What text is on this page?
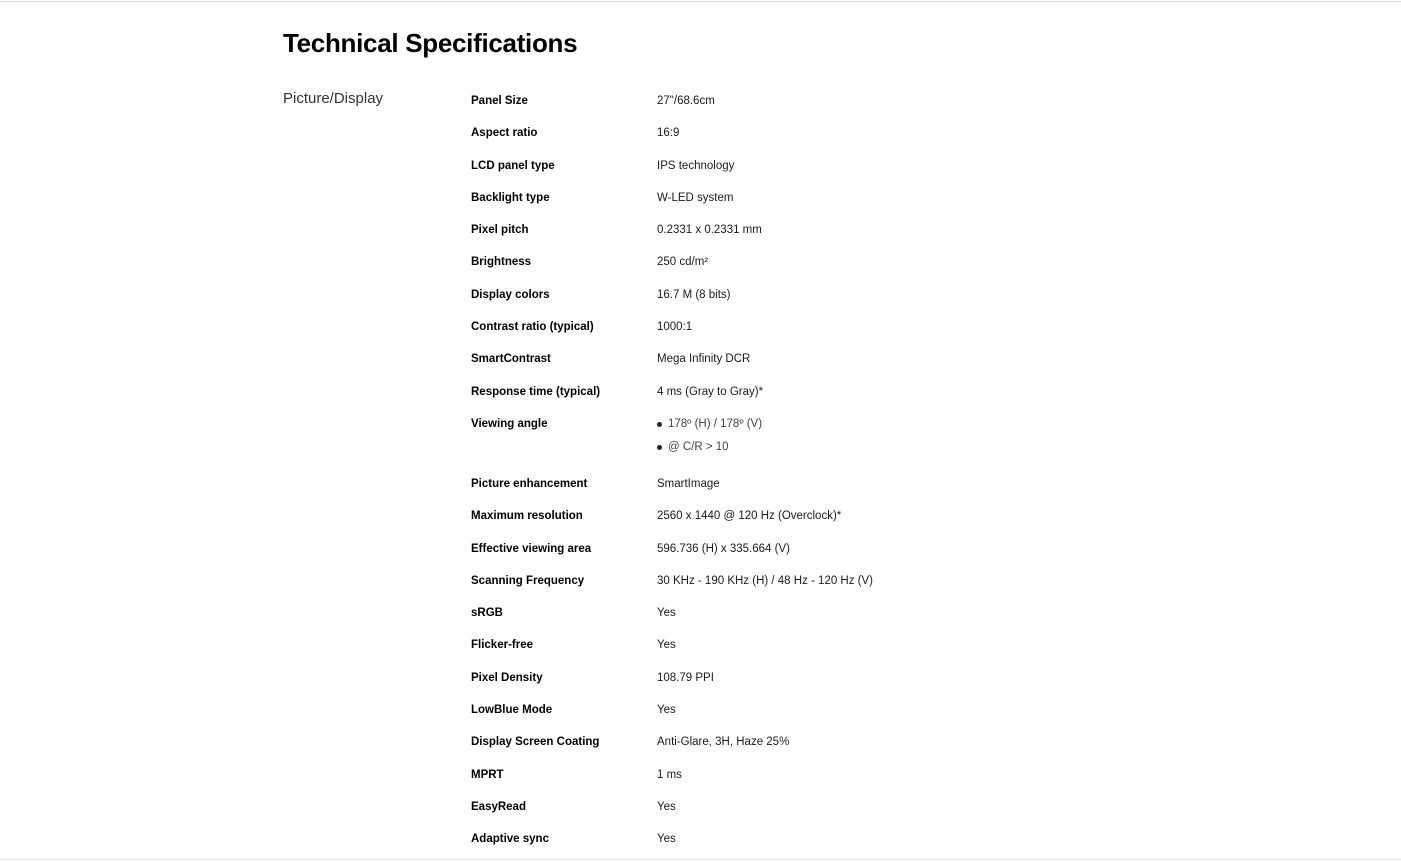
Technical Specifications
Picture/Display	Panel Size	27"/68.6cm
Aspect ratio	16:9
LCD panel type	IPS technology
Backlight type	W-LED system
Pixel pitch	0.2331 x 0.2331 mm
Brightness	250 cd/m²
Display colors	16.7 M (8 bits)
Contrast ratio (typical)	1000:1
SmartContrast	Mega Infinity DCR
Response time (typical)	4 ms (Gray to Gray)*
Viewing angle	178º (H) / 178º (V)
@ C/R > 10
Picture enhancement	SmartImage
Maximum resolution	2560 x 1440 @ 120 Hz (Overclock)*
Effective viewing area	596.736 (H) x 335.664 (V)
Scanning Frequency	30 KHz - 190 KHz (H) / 48 Hz - 120 Hz (V)
sRGB	Yes
Flicker-free	Yes
Pixel Density	108.79 PPI
LowBlue Mode	Yes
Display Screen Coating	Anti-Glare, 3H, Haze 25%
MPRT	1 ms
EasyRead	Yes
Adaptive sync	Yes
